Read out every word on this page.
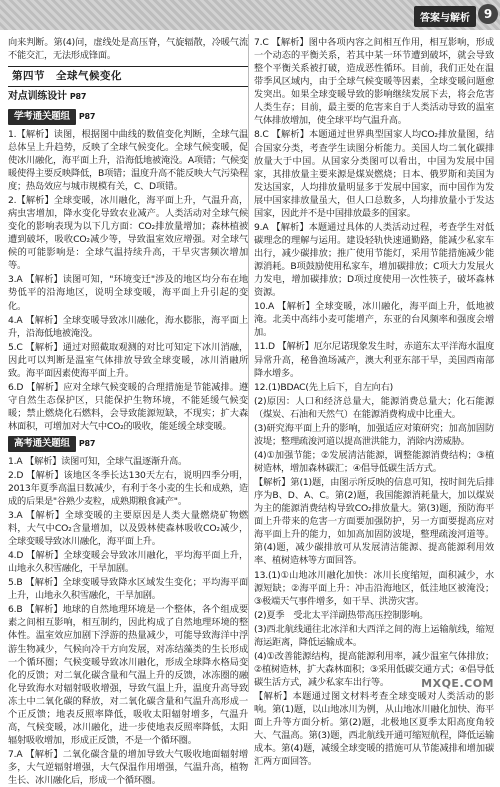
答案与解析	9

向来判断。第(4)问，虚线处是高压脊，气旋辐散，冷暖气流不能交汇，无法形成锋面。

第四节　全球气候变化
对点训练设计 P87
学考通关题组 P87

1.【解析】读图，根据图中曲线的数值变化判断，全球气温总体呈上升趋势，反映了全球气候变化。全球气候变暖，促使冰川融化，海平面上升，沿海低地被淹没。A项错；气候变暖使得主要反映降低，B项错；温度升高不能反映大气污染程度；热岛效应与城市规模有关，C、D项错。

2.【解析】全球变暖，冰川融化，海平面上升，气温升高，病虫害增加，降水变化导致农业减产。人类活动对全球气候变化的影响表现为以下几方面：CO₂排放量增加；森林植被遭到破坏，吸收CO₂减少等，导致温室效应增强。对全球气候的可能影响是：全球气温持续升高，干旱灾害频次增加等。

3.A 【解析】读图可知，"环境变迁"涉及的地区均分布在地势低平的沿海地区，说明全球变暖，海平面上升引起的变化。

4.A 【解析】全球变暖导致冰川融化，海水膨胀，海平面上升，沿海低地被淹没。

5.C 【解析】通过对照截取观测的对比可知定下冰川消融，因此可以判断是温室气体排放导致全球变暖，冰川消融所致。海平面因素使海平面上升。

6.D 【解析】应对全球气候变暖的合理措施是节能减排。遵守自然生态保护区，只能保护生物环境，不能延缓气候变暖；禁止燃烧化石燃料，会导致能源短缺，不现实；扩大森林面积，可增加对大气中CO₂的吸收，能延缓全球变暖。

高考通关题组 P87

1.A 【解析】读图可知，全球气温逐渐升高。

2.D 【解析】该地区冬季长达130天左右，说明四季分明，2013年夏季高温日数减少，有利于冬小麦的生长和成熟，造成的后果是"谷熟少麦粒，成熟期粮食减产"。

3.A 【解析】全球变暖的主要原因是人类大量燃烧矿物燃料，大气中CO₂含量增加，以及毁林使森林吸收CO₂减少，全球变暖导致冰川融化，海平面上升。

4.D 【解析】全球变暖会导致冰川融化，平均海平面上升，山地永久积雪融化，干旱加剧。

5.B 【解析】全球变暖导致降水区域发生变化；平均海平面上升，山地永久积雪融化，干旱加剧。

6.B 【解析】地球的自然地理环境是一个整体，各个组成要素之间相互影响，相互制约，因此构成了自然地理环境的整体性。温室效应加剧下浮游的热量减少，可能导致海洋中浮游生物减少，气候向冷干方向发展，对冻结藻类的生长形成一个循环圈；气候变暖导致冰川融化，形成全球降水格局变化的反馈；对二氧化碳含量和气温上升的反馈，冰冻圈的融化导致海水对辐射吸收增强，导致气温上升，温度升高导致冻土中二氧化碳的释放，对二氧化碳含量和气温升高形成一个正反馈；地表反照率降低，吸收太阳辐射增多，气温升高，气候变暖，冰川融化，进一步使地表反照率降低，太阳辐射吸收增加，形成正反馈，不是一个循环圈。

7.A 【解析】二氧化碳含量的增加导致大气吸收地面辐射增多，大气逆辐射增强，大气保温作用增强，气温升高，植物生长、冰川融化后，形成一个循环圈。

7.C 【解析】图中各项内容之间相互作用，相互影响，形成一个动态的平衡关系，若其中某一环节遭到破坏，就会导致整个平衡关系被打破，造成恶性循环。目前，我们正处在温带季风区域内，由于全球气候变暖等因素，全球变暖问题愈发突出。如果全球变暖导致的影响继续发展下去，将会危害人类生存；目前，最主要的危害来自于人类活动导致的温室气体排放增加，使全球平均气温升高。

8.C 【解析】本题通过世界典型国家人均CO₂排放量图，结合国家分类，考查学生读图分析能力。美国人均二氧化碳排放量大于中国。从国家分类图可以看出，中国为发展中国家，其排放量主要来源是煤炭燃烧；日本、俄罗斯和美国为发达国家，人均排放量明显多于发展中国家，而中国作为发展中国家排放量虽大，但人口总数多，人均排放量小于发达国家，因此并不是中国排放最多的国家。

9.A 【解析】本题通过具体的人类活动过程，考查学生对低碳理念的理解与运用。建设轻轨快速通勤路，能减少私家车出行，减少碳排放；推广使用节能灯，采用节能措施减少能源消耗。B项鼓励使用私家车，增加碳排放；C项大力发展火力发电，增加碳排放；D项过度使用一次性筷子，破坏森林资源。

10.A 【解析】全球变暖，冰川融化，海平面上升，低地被淹。北美中高纬小麦可能增产，东亚的台风频率和强度会增加。

11.D 【解析】厄尔尼诺现象发生时，赤道东太平洋海水温度异常升高，秘鲁渔场减产，澳大利亚东部干旱，美国西南部降水增多。

12.(1)BDAC(先上后下，自左向右)

(2)原因：人口和经济总量大，能源消费总量大；化石能源（煤炭、石油和天然气）在能源消费构成中比重大。

(3)研究海平面上升的影响，加强适应对策研究；加高加固防波堤；整理疏浚河道以提高泄洪能力，消除内涝威胁。

(4)①加强节能；②发展清洁能源，调整能源消费结构；③植树造林，增加森林碳汇；④倡导低碳生活方式。

【解析】第(1)题，由图示所反映的信息可知，按时间先后排序为B、D、A、C。第(2)题，我国能源消耗量大，加以煤炭为主的能源消费结构导致CO₂排放量大。第(3)题，预防海平面上升带来的危害一方面要加强防护，另一方面要提高应对海平面上升的能力，如加高加固防波堤，整理疏浚河道等。第(4)题，减少碳排放可从发展清洁能源、提高能源利用效率、植树造林等方面回答。

13.(1)①山地冰川融化加快：冰川长度缩短，面积减少，水源短缺；②海平面上升：冲击沿海地区，低洼地区被淹没；③极端天气事件增多，如干旱、洪涝灾害。

(2)夏季　受北太平洋副热带高压控制影响。

(3)西北航线通往北冰洋和大西洋之间的海上运输航线，缩短海运距离，降低运输成本。

(4)①改善能源结构，提高能源利用率，减少温室气体排放；②植树造林，扩大森林面积；③采用低碳交通方式；④倡导低碳生活方式，减少私家车出行等。

【解析】本题通过图文材料考查全球变暖对人类活动的影响。第(1)题，以山地冰川为例，从山地冰川融化加快、海平面上升等方面分析。第(2)题，北极地区夏季太阳高度角较大、气温高。第(3)题，西北航线开通可缩短航程，降低运输成本。第(4)题，减缓全球变暖的措施可从节能减排和增加碳汇两方面回答。

MXQE.COM
